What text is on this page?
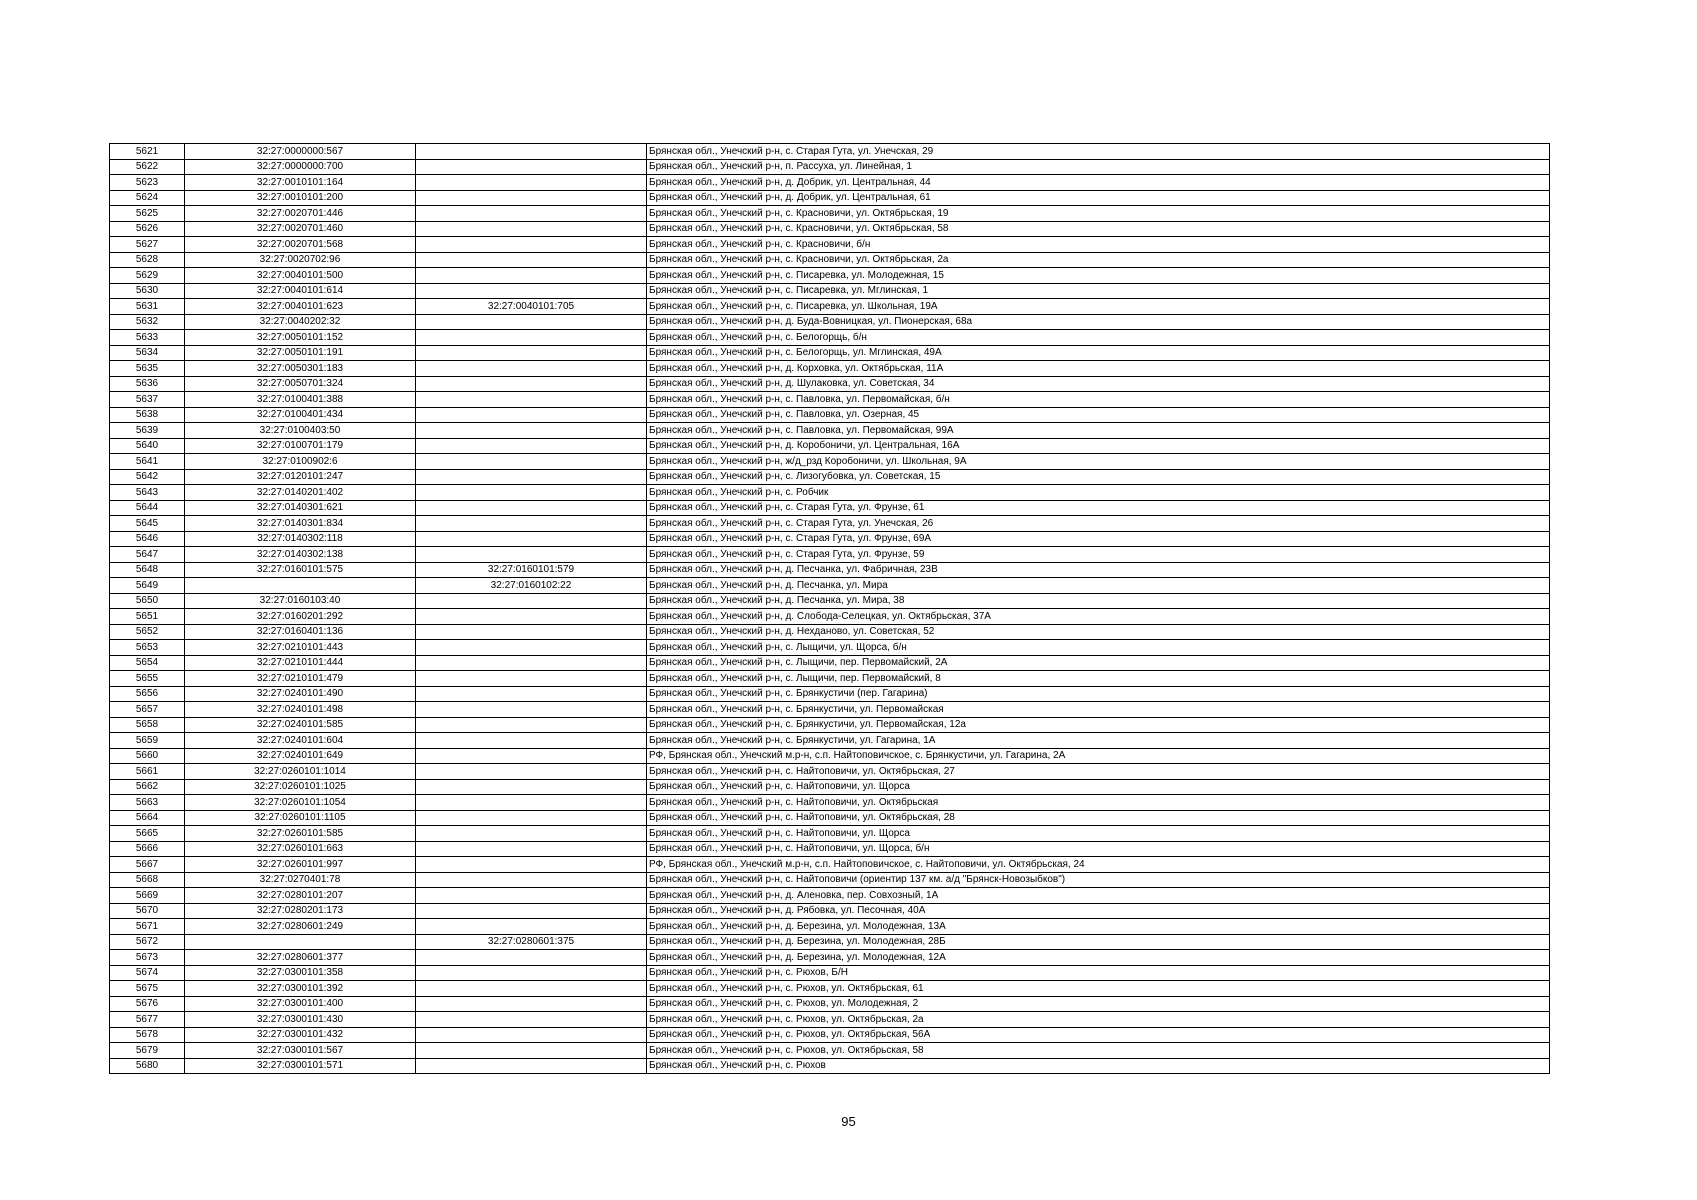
5621	32:27:0000000:567		Брянская обл., Унечский р-н, с. Старая Гута, ул. Унечская, 29
5622	32:27:0000000:700		Брянская обл., Унечский р-н, п. Рассуха, ул. Линейная, 1
5623	32:27:0010101:164		Брянская обл., Унечский р-н, д. Добрик, ул. Центральная, 44
5624	32:27:0010101:200		Брянская обл., Унечский р-н, д. Добрик, ул. Центральная, 61
5625	32:27:0020701:446		Брянская обл., Унечский р-н, с. Красновичи, ул. Октябрьская, 19
5626	32:27:0020701:460		Брянская обл., Унечский р-н, с. Красновичи, ул. Октябрьская, 58
5627	32:27:0020701:568		Брянская обл., Унечский р-н, с. Красновичи, б/н
5628	32:27:0020702:96		Брянская обл., Унечский р-н, с. Красновичи, ул. Октябрьская, 2а
5629	32:27:0040101:500		Брянская обл., Унечский р-н, с. Писаревка, ул. Молодежная, 15
5630	32:27:0040101:614		Брянская обл., Унечский р-н, с. Писаревка, ул. Мглинская, 1
5631	32:27:0040101:623	32:27:0040101:705	Брянская обл., Унечский р-н, с. Писаревка, ул. Школьная, 19А
5632	32:27:0040202:32		Брянская обл., Унечский р-н, д. Буда-Вовницкая, ул. Пионерская, 68а
5633	32:27:0050101:152		Брянская обл., Унечский р-н, с. Белогорщь, б/н
5634	32:27:0050101:191		Брянская обл., Унечский р-н, с. Белогорщь, ул. Мглинская, 49А
5635	32:27:0050301:183		Брянская обл., Унечский р-н, д. Корховка, ул. Октябрьская, 11А
5636	32:27:0050701:324		Брянская обл., Унечский р-н, д. Шулаковка, ул. Советская, 34
5637	32:27:0100401:388		Брянская обл., Унечский р-н, с. Павловка, ул. Первомайская, б/н
5638	32:27:0100401:434		Брянская обл., Унечский р-н, с. Павловка, ул. Озерная, 45
5639	32:27:0100403:50		Брянская обл., Унечский р-н, с. Павловка, ул. Первомайская, 99А
5640	32:27:0100701:179		Брянская обл., Унечский р-н, д. Коробоничи, ул. Центральная, 16А
5641	32:27:0100902:6		Брянская обл., Унечский р-н, ж/д_рзд Коробоничи, ул. Школьная, 9А
5642	32:27:0120101:247		Брянская обл., Унечский р-н, с. Лизогубовка, ул. Советская, 15
5643	32:27:0140201:402		Брянская обл., Унечский р-н, с. Робчик
5644	32:27:0140301:621		Брянская обл., Унечский р-н, с. Старая Гута, ул. Фрунзе, 61
5645	32:27:0140301:834		Брянская обл., Унечский р-н, с. Старая Гута, ул. Унечская, 26
5646	32:27:0140302:118		Брянская обл., Унечский р-н, с. Старая Гута, ул. Фрунзе, 69А
5647	32:27:0140302:138		Брянская обл., Унечский р-н, с. Старая Гута, ул. Фрунзе, 59
5648	32:27:0160101:575	32:27:0160101:579	Брянская обл., Унечский р-н, д. Песчанка, ул. Фабричная, 23В
5649		32:27:0160102:22	Брянская обл., Унечский р-н, д. Песчанка, ул. Мира
5650	32:27:0160103:40		Брянская обл., Унечский р-н, д. Песчанка, ул. Мира, 38
5651	32:27:0160201:292		Брянская обл., Унечский р-н, д. Слобода-Селецкая, ул. Октябрьская, 37А
5652	32:27:0160401:136		Брянская обл., Унечский р-н, д. Нехданово, ул. Советская, 52
5653	32:27:0210101:443		Брянская обл., Унечский р-н, с. Лыщичи, ул. Щорса, б/н
5654	32:27:0210101:444		Брянская обл., Унечский р-н, с. Лыщичи, пер. Первомайский, 2А
5655	32:27:0210101:479		Брянская обл., Унечский р-н, с. Лыщичи, пер. Первомайский, 8
5656	32:27:0240101:490		Брянская обл., Унечский р-н, с. Брянкустичи (пер. Гагарина)
5657	32:27:0240101:498		Брянская обл., Унечский р-н, с. Брянкустичи, ул. Первомайская
5658	32:27:0240101:585		Брянская обл., Унечский р-н, с. Брянкустичи, ул. Первомайская, 12а
5659	32:27:0240101:604		Брянская обл., Унечский р-н, с. Брянкустичи, ул. Гагарина, 1А
5660	32:27:0240101:649		РФ, Брянская обл., Унечский м.р-н, с.п. Найтоповичское, с. Брянкустичи, ул. Гагарина, 2А
5661	32:27:0260101:1014		Брянская обл., Унечский р-н, с. Найтоповичи, ул. Октябрьская, 27
5662	32:27:0260101:1025		Брянская обл., Унечский р-н, с. Найтоповичи, ул. Щорса
5663	32:27:0260101:1054		Брянская обл., Унечский р-н, с. Найтоповичи, ул. Октябрьская
5664	32:27:0260101:1105		Брянская обл., Унечский р-н, с. Найтоповичи, ул. Октябрьская, 28
5665	32:27:0260101:585		Брянская обл., Унечский р-н, с. Найтоповичи, ул. Щорса
5666	32:27:0260101:663		Брянская обл., Унечский р-н, с. Найтоповичи, ул. Щорса, б/н
5667	32:27:0260101:997		РФ, Брянская обл., Унечский м.р-н, с.п. Найтоповичское, с. Найтоповичи, ул. Октябрьская, 24
5668	32:27:0270401:78		Брянская обл., Унечский р-н, с. Найтоповичи (ориентир 137 км. а/д "Брянск-Новозыбков")
5669	32:27:0280101:207		Брянская обл., Унечский р-н, д. Аленовка, пер. Совхозный, 1А
5670	32:27:0280201:173		Брянская обл., Унечский р-н, д. Рябовка, ул. Песочная, 40А
5671	32:27:0280601:249		Брянская обл., Унечский р-н, д. Березина, ул. Молодежная, 13А
5672		32:27:0280601:375	Брянская обл., Унечский р-н, д. Березина, ул. Молодежная, 28Б
5673	32:27:0280601:377		Брянская обл., Унечский р-н, д. Березина, ул. Молодежная, 12А
5674	32:27:0300101:358		Брянская обл., Унечский р-н, с. Рюхов, Б/Н
5675	32:27:0300101:392		Брянская обл., Унечский р-н, с. Рюхов, ул. Октябрьская, 61
5676	32:27:0300101:400		Брянская обл., Унечский р-н, с. Рюхов, ул. Молодежная, 2
5677	32:27:0300101:430		Брянская обл., Унечский р-н, с. Рюхов, ул. Октябрьская, 2а
5678	32:27:0300101:432		Брянская обл., Унечский р-н, с. Рюхов, ул. Октябрьская, 56А
5679	32:27:0300101:567		Брянская обл., Унечский р-н, с. Рюхов, ул. Октябрьская, 58
5680	32:27:0300101:571		Брянская обл., Унечский р-н, с. Рюхов
95
